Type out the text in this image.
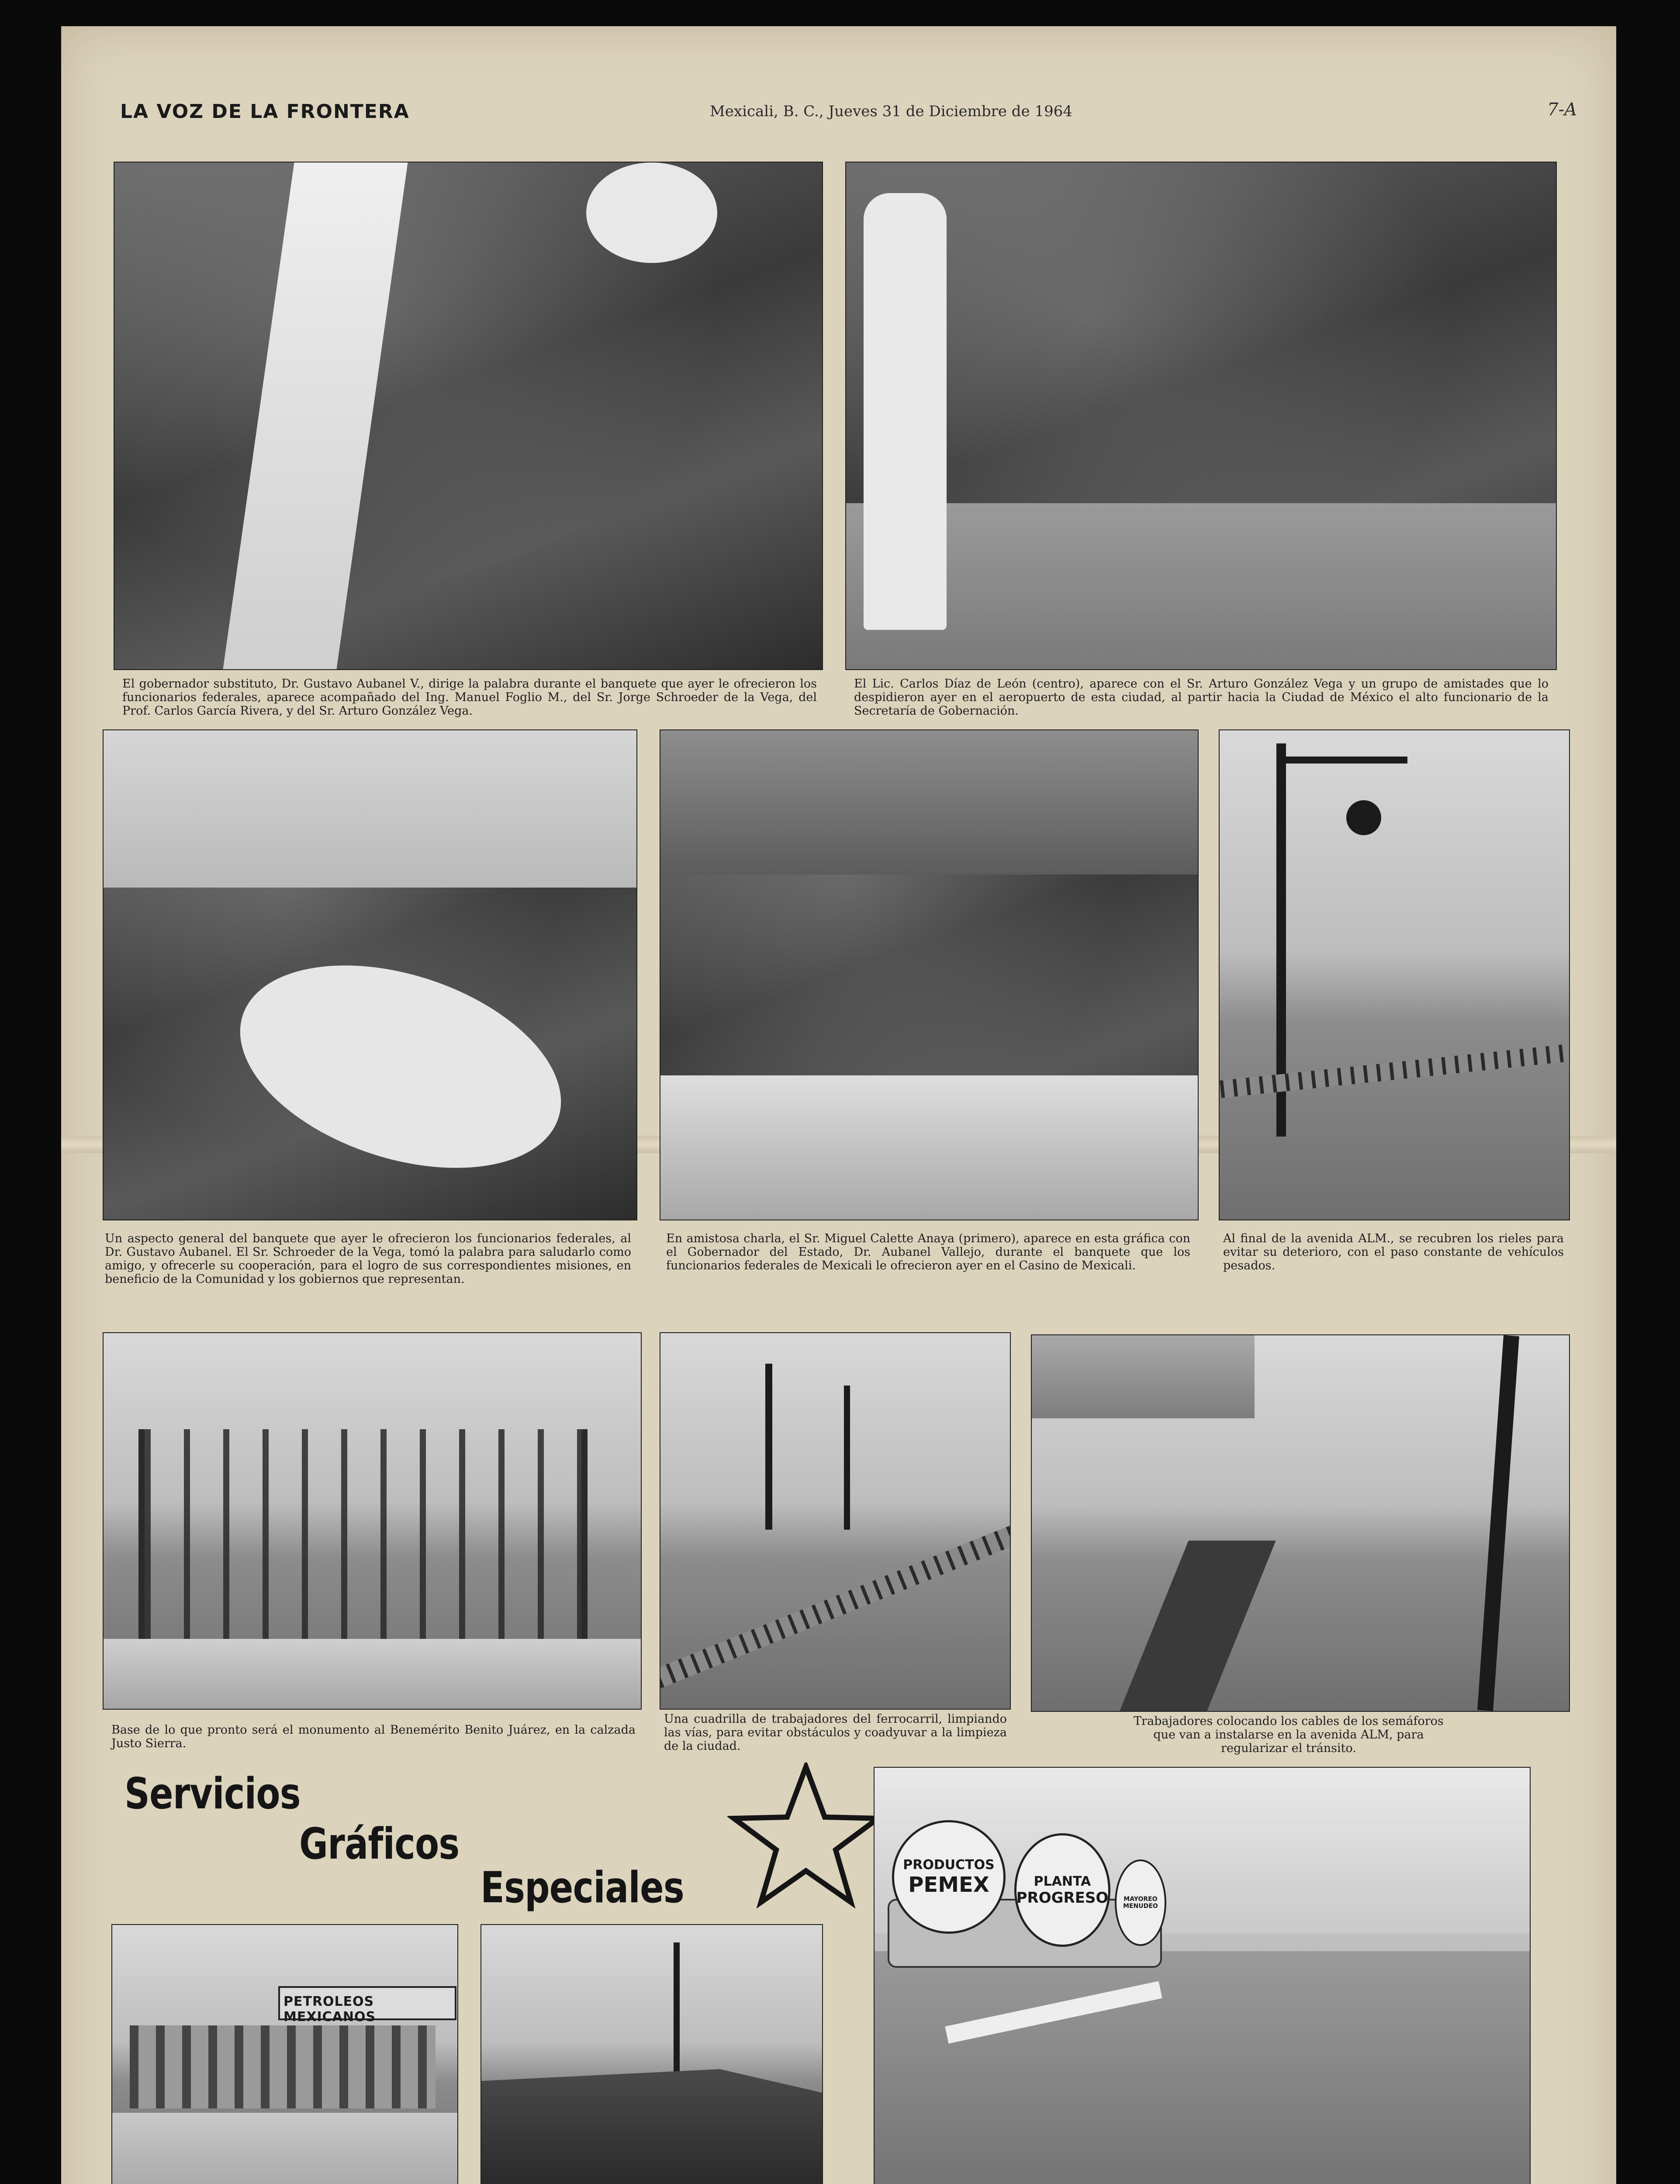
LA VOZ DE LA FRONTERA	Mexicali, B. C., Jueves 31 de Diciembre de 1964	7-A
El gobernador substituto, Dr. Gustavo Aubanel V., dirige la palabra durante el banquete que ayer le ofrecieron los funcionarios federales, aparece acompañado del Ing. Manuel Foglio M., del Sr. Jorge Schroeder de la Vega, del Prof. Carlos García Rivera, y del Sr. Arturo González Vega.
El Lic. Carlos Díaz de León (centro), aparece con el Sr. Arturo González Vega y un grupo de amistades que lo despidieron ayer en el aeropuerto de esta ciudad, al partir hacia la Ciudad de México el alto funcionario de la Secretaría de Gobernación.
Un aspecto general del banquete que ayer le ofrecieron los funcionarios federales, al Dr. Gustavo Aubanel. El Sr. Schroeder de la Vega, tomó la palabra para saludarlo como amigo, y ofrecerle su cooperación, para el logro de sus correspondientes misiones, en beneficio de la Comunidad y los gobiernos que representan.
En amistosa charla, el Sr. Miguel Calette Anaya (primero), aparece en esta gráfica con el Gobernador del Estado, Dr. Aubanel Vallejo, durante el banquete que los funcionarios federales de Mexicali le ofrecieron ayer en el Casino de Mexicali.
Al final de la avenida ALM., se recubren los rieles para evitar su deterioro, con el paso constante de vehículos pesados.
Base de lo que pronto será el monumento al Benemérito Benito Juárez, en la calzada Justo Sierra.
Una cuadrilla de trabajadores del ferrocarril, limpiando las vías, para evitar obstáculos y coadyuvar a la limpieza de la ciudad.
Trabajadores colocando los cables de los semáforos que van a instalarse en la avenida ALM, para regularizar el tránsito.
Servicios
Gráficos
Especiales
PETROLEOS MEXICANOS
PRODUCTOS
PEMEX	PLANTA
PROGRESO	MAYOREO
MENUDEO
